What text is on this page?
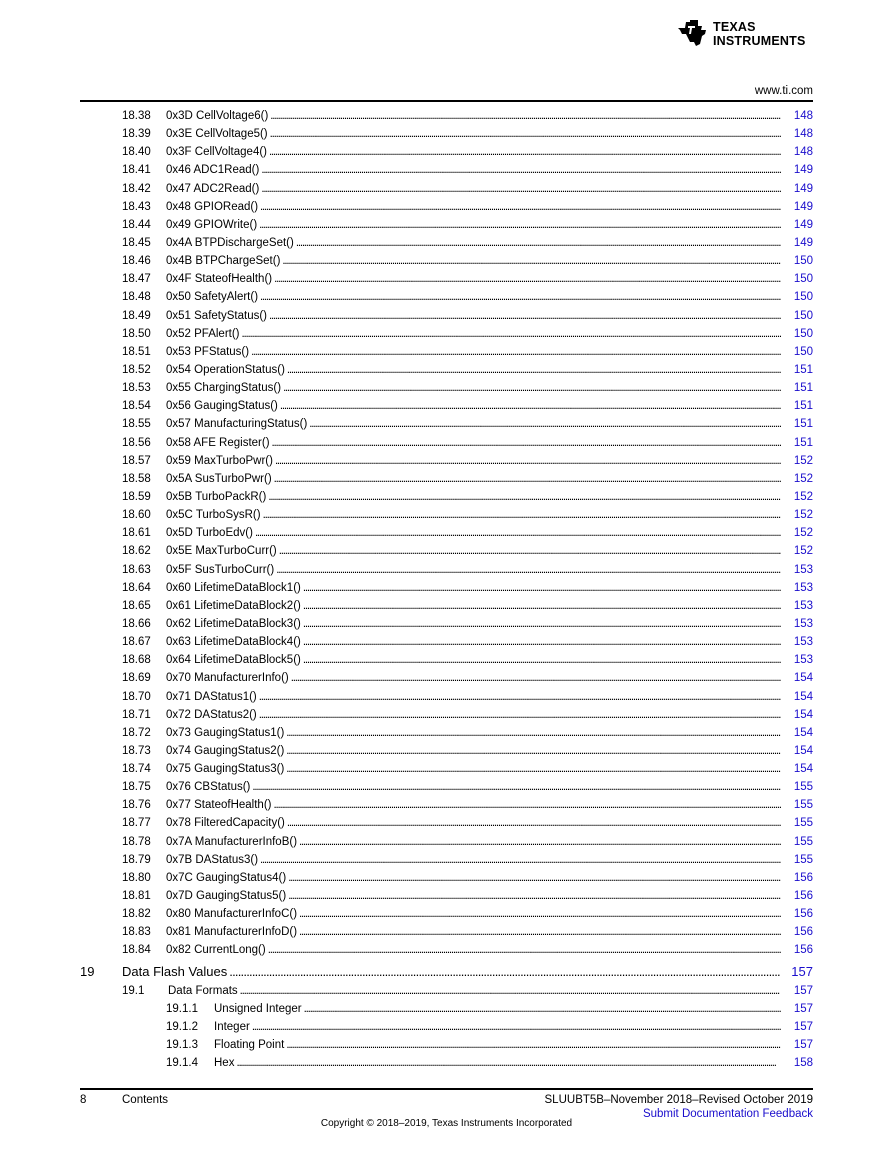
TEXAS
INSTRUMENTS
www.ti.com
18.38	0x3D CellVoltage6() . . .	148
18.39	0x3E CellVoltage5() . . .	148
18.40	0x3F CellVoltage4() . . .	148
18.41	0x46 ADC1Read() . . .	149
18.42	0x47 ADC2Read() . . .	149
18.43	0x48 GPIORead() . . .	149
18.44	0x49 GPIOWrite() . . .	149
18.45	0x4A BTPDischargeSet() . . .	149
18.46	0x4B BTPChargeSet() . . .	150
18.47	0x4F StateofHealth() . . .	150
18.48	0x50 SafetyAlert() . . .	150
18.49	0x51 SafetyStatus() . . .	150
18.50	0x52 PFAlert() . . .	150
18.51	0x53 PFStatus() . . .	150
18.52	0x54 OperationStatus() . . .	151
18.53	0x55 ChargingStatus() . . .	151
18.54	0x56 GaugingStatus() . . .	151
18.55	0x57 ManufacturingStatus() . . .	151
18.56	0x58 AFE Register() . . .	151
18.57	0x59 MaxTurboPwr() . . .	152
18.58	0x5A SusTurboPwr() . . .	152
18.59	0x5B TurboPackR() . . .	152
18.60	0x5C TurboSysR() . . .	152
18.61	0x5D TurboEdv() . . .	152
18.62	0x5E MaxTurboCurr() . . .	152
18.63	0x5F SusTurboCurr() . . .	153
18.64	0x60 LifetimeDataBlock1() . . .	153
18.65	0x61 LifetimeDataBlock2() . . .	153
18.66	0x62 LifetimeDataBlock3() . . .	153
18.67	0x63 LifetimeDataBlock4() . . .	153
18.68	0x64 LifetimeDataBlock5() . . .	153
18.69	0x70 ManufacturerInfo() . . .	154
18.70	0x71 DAStatus1() . . .	154
18.71	0x72 DAStatus2() . . .	154
18.72	0x73 GaugingStatus1() . . .	154
18.73	0x74 GaugingStatus2() . . .	154
18.74	0x75 GaugingStatus3() . . .	154
18.75	0x76 CBStatus() . . .	155
18.76	0x77 StateofHealth() . . .	155
18.77	0x78 FilteredCapacity() . . .	155
18.78	0x7A ManufacturerInfoB() . . .	155
18.79	0x7B DAStatus3() . . .	155
18.80	0x7C GaugingStatus4() . . .	156
18.81	0x7D GaugingStatus5() . . .	156
18.82	0x80 ManufacturerInfoC() . . .	156
18.83	0x81 ManufacturerInfoD() . . .	156
18.84	0x82 CurrentLong() . . .	156
19	Data Flash Values . . .	157
19.1	Data Formats . . .	157
19.1.1	Unsigned Integer . . .	157
19.1.2	Integer . . .	157
19.1.3	Floating Point . . .	157
19.1.4	Hex . . .	158
8	Contents	SLUUBT5B–November 2018–Revised October 2019
Submit Documentation Feedback
Copyright © 2018–2019, Texas Instruments Incorporated
